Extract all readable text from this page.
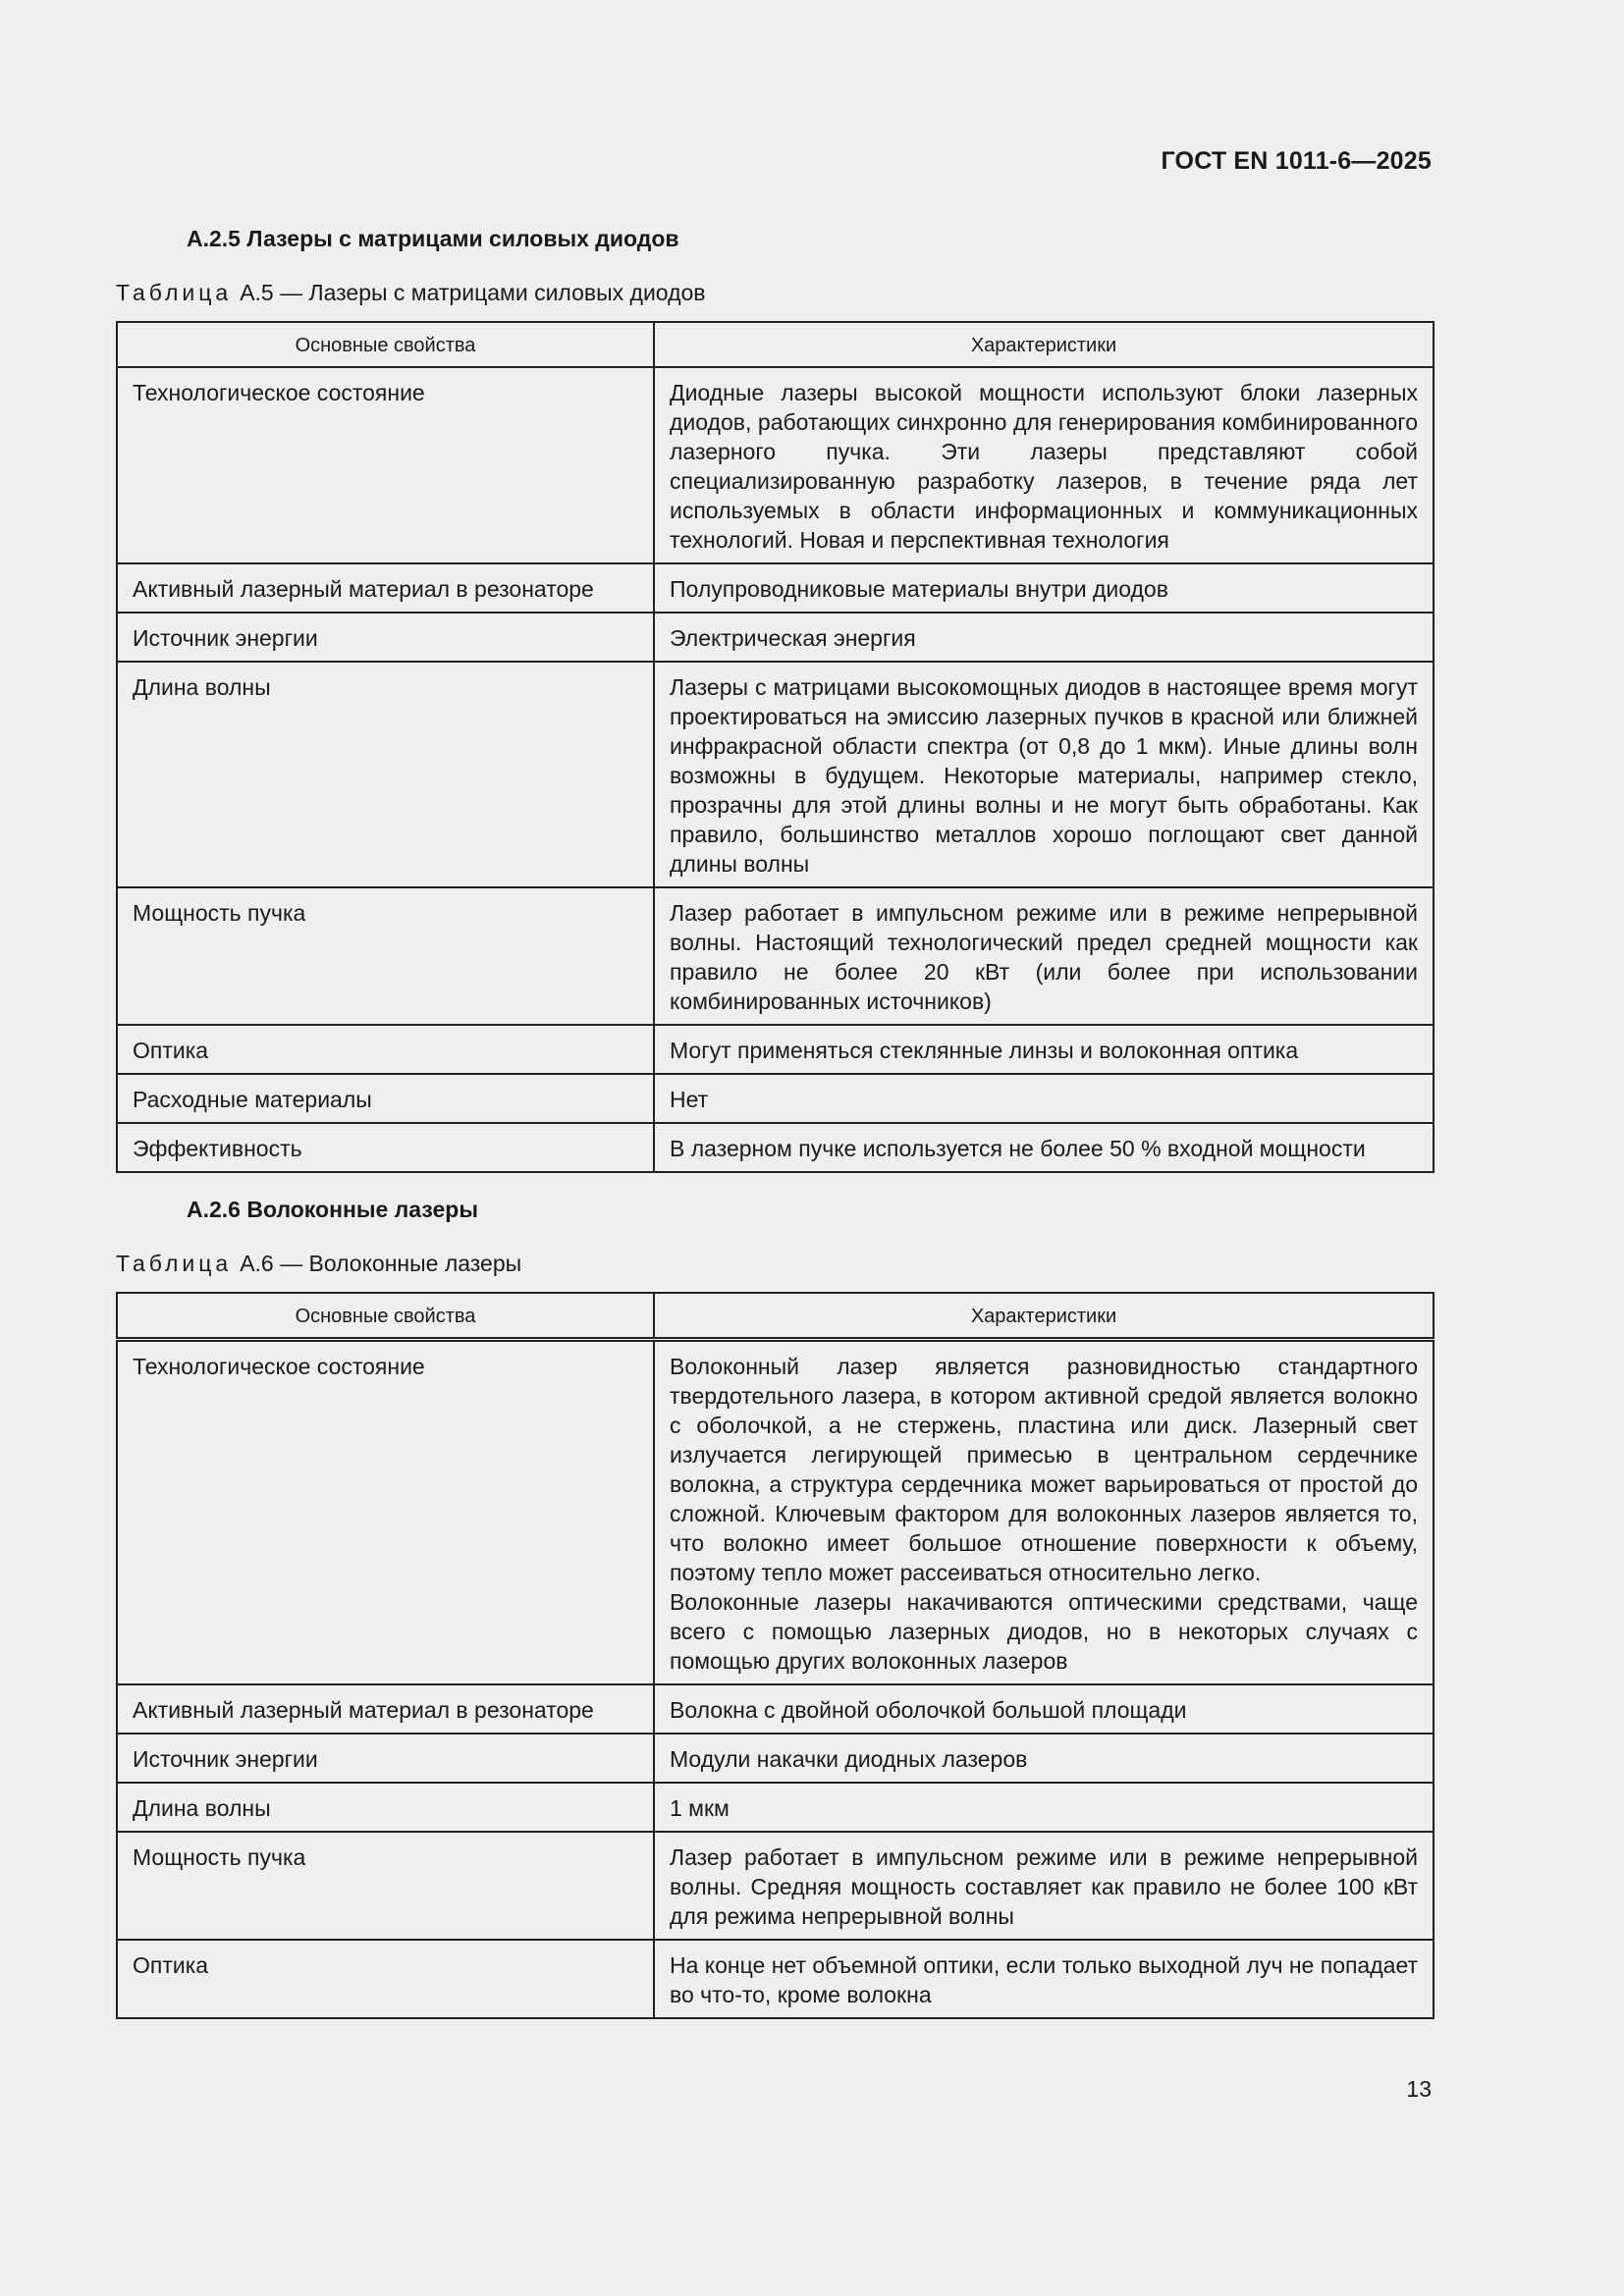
ГОСТ EN 1011-6—2025
А.2.5 Лазеры с матрицами силовых диодов
Таблица А.5 — Лазеры с матрицами силовых диодов
Основные свойства	Характеристики
Технологическое состояние	Диодные лазеры высокой мощности используют блоки лазерных диодов, работающих синхронно для генерирования комбинированного лазерного пучка. Эти лазеры представляют собой специализированную разработку лазеров, в течение ряда лет используемых в области информационных и коммуникационных технологий. Новая и перспективная технология
Активный лазерный материал в резонаторе	Полупроводниковые материалы внутри диодов
Источник энергии	Электрическая энергия
Длина волны	Лазеры с матрицами высокомощных диодов в настоящее время могут проектироваться на эмиссию лазерных пучков в красной или ближней инфракрасной области спектра (от 0,8 до 1 мкм). Иные длины волн возможны в будущем. Некоторые материалы, например стекло, прозрачны для этой длины волны и не могут быть обработаны. Как правило, большинство металлов хорошо поглощают свет данной длины волны
Мощность пучка	Лазер работает в импульсном режиме или в режиме непрерывной волны. Настоящий технологический предел средней мощности как правило не более 20 кВт (или более при использовании комбинированных источников)
Оптика	Могут применяться стеклянные линзы и волоконная оптика
Расходные материалы	Нет
Эффективность	В лазерном пучке используется не более 50 % входной мощности
А.2.6 Волоконные лазеры
Таблица А.6 — Волоконные лазеры
Основные свойства	Характеристики
Технологическое состояние	Волоконный лазер является разновидностью стандартного твердотельного лазера, в котором активной средой является волокно с оболочкой, а не стержень, пластина или диск. Лазерный свет излучается легирующей примесью в центральном сердечнике волокна, а структура сердечника может варьироваться от простой до сложной. Ключевым фактором для волоконных лазеров является то, что волокно имеет большое отношение поверхности к объему, поэтому тепло может рассеиваться относительно легко.

Волоконные лазеры накачиваются оптическими средствами, чаще всего с помощью лазерных диодов, но в некоторых случаях с помощью других волоконных лазеров

Активный лазерный материал в резонаторе	Волокна с двойной оболочкой большой площади
Источник энергии	Модули накачки диодных лазеров
Длина волны	1 мкм
Мощность пучка	Лазер работает в импульсном режиме или в режиме непрерывной волны. Средняя мощность составляет как правило не более 100 кВт для режима непрерывной волны
Оптика	На конце нет объемной оптики, если только выходной луч не попадает во что-то, кроме волокна
13
